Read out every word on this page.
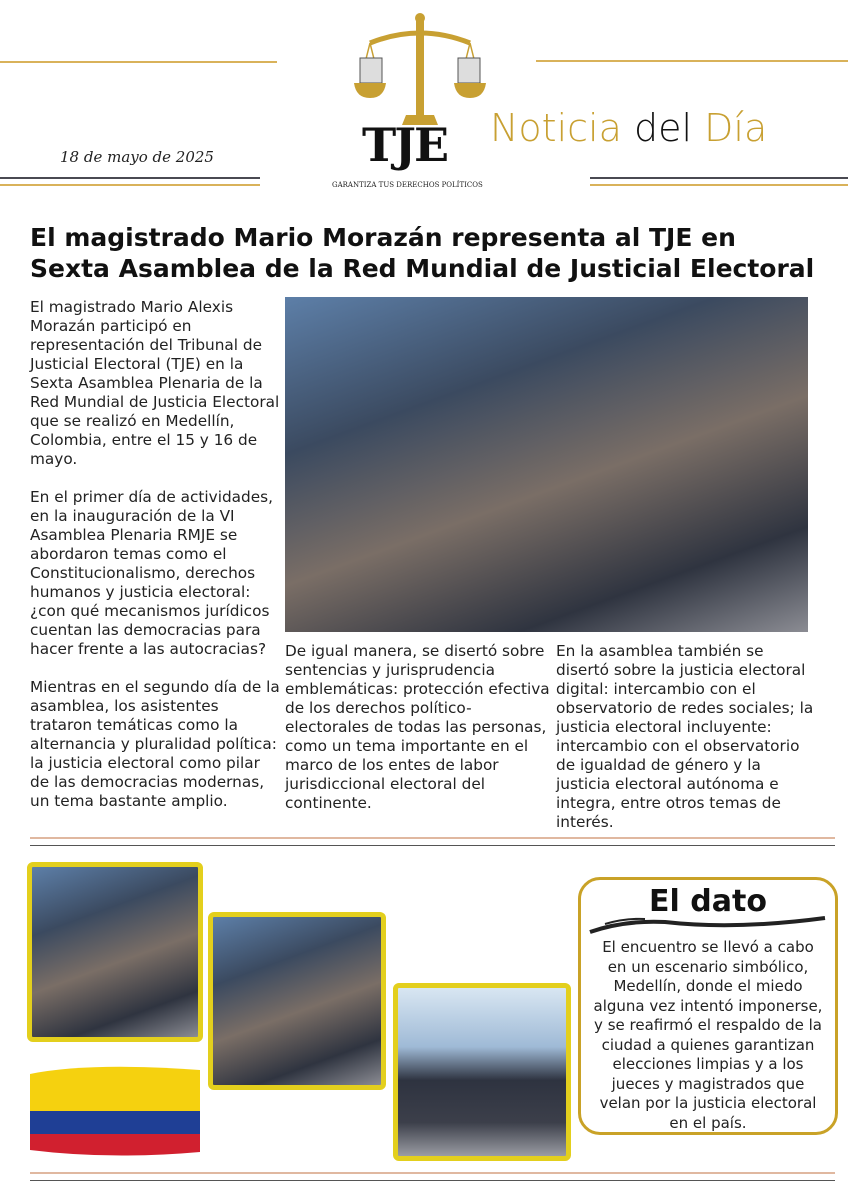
18 de mayo de 2025	TJE
GARANTIZA TUS DERECHOS POLÍTICOS
Noticia del Día
El magistrado Mario Morazán representa al TJE en Sexta Asamblea de la Red Mundial de Justicial Electoral

El magistrado Mario Alexis Morazán participó en representación del Tribunal de Justicial Electoral (TJE) en la Sexta Asamblea Plenaria de la Red Mundial de Justicia Electoral que se realizó en Medellín, Colombia, entre el 15 y 16 de mayo.

En el primer día de actividades, en la inauguración de la VI Asamblea Plenaria RMJE se abordaron temas como el Constitucionalismo, derechos humanos y justicia electoral: ¿con qué mecanismos jurídicos cuentan las democracias para hacer frente a las autocracias?

Mientras en el segundo día de la asamblea, los asistentes trataron temáticas como la alternancia y pluralidad política: la justicia electoral como pilar de las democracias modernas, un tema bastante amplio.

De igual manera, se disertó sobre sentencias y jurisprudencia emblemáticas: protección efectiva de los derechos político-electorales de todas las personas, como un tema importante en el marco de los entes de labor jurisdiccional electoral del continente.

En la asamblea también se disertó sobre la justicia electoral digital: intercambio con el observatorio de redes sociales; la justicia electoral incluyente: intercambio con el observatorio de igualdad de género y la justicia electoral autónoma e integra, entre otros temas de interés.

El dato
El encuentro se llevó a cabo en un escenario simbólico, Medellín, donde el miedo alguna vez intentó imponerse, y se reafirmó el respaldo de la ciudad a quienes garantizan elecciones limpias y a los jueces y magistrados que velan por la justicia electoral en el país.
